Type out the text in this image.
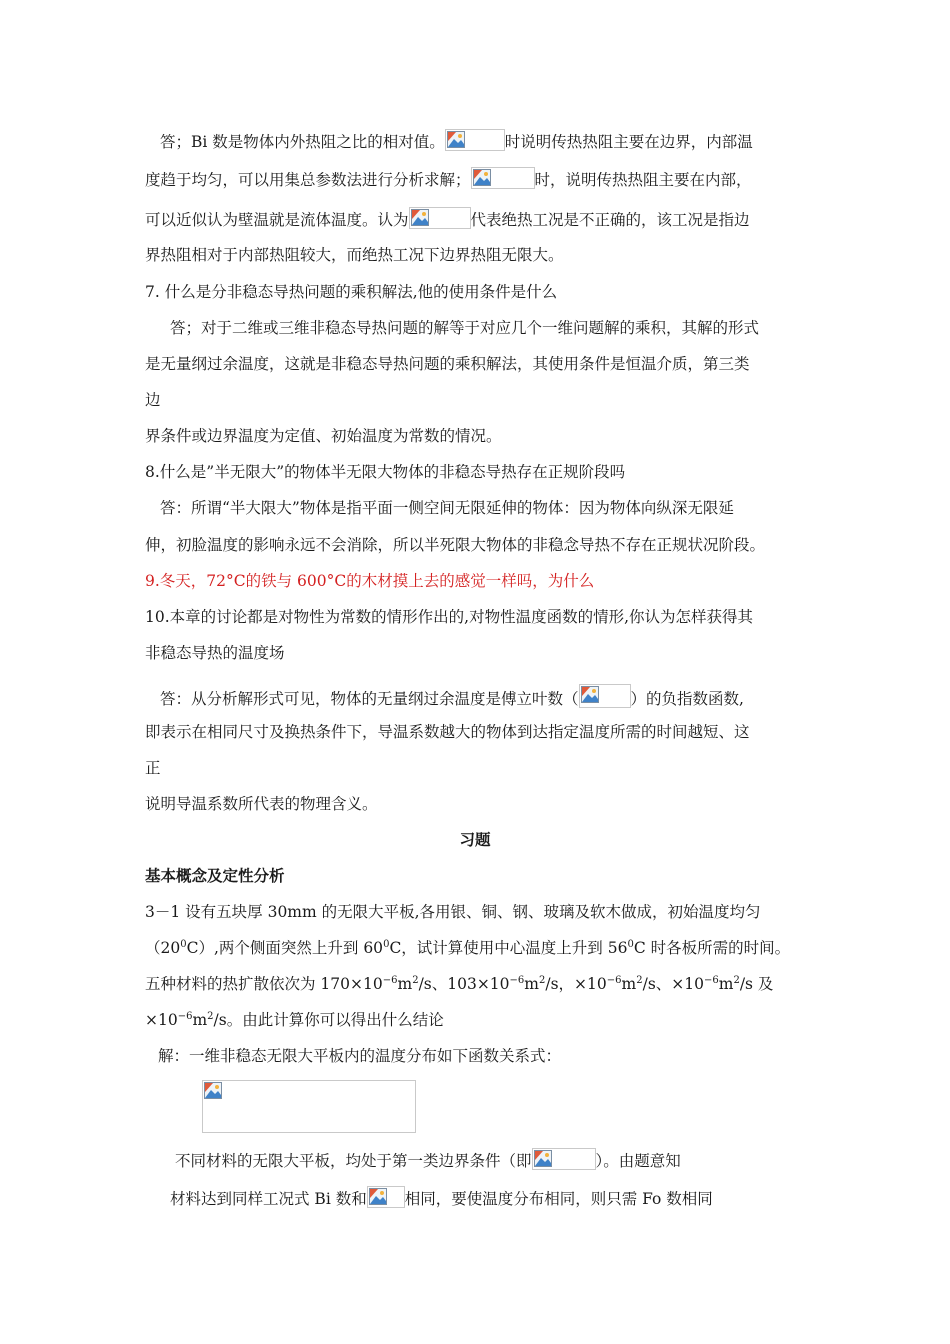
答；Bi 数是物体内外热阻之比的相对值。	时说明传热热阻主要在边界，内部温
度趋于均匀，可以用集总参数法进行分析求解；	时，说明传热热阻主要在内部，
可以近似认为壁温就是流体温度。认为	代表绝热工况是不正确的，该工况是指边
界热阻相对于内部热阻较大，而绝热工况下边界热阻无限大。
7. 什么是分非稳态导热问题的乘积解法,他的使用条件是什么
答；对于二维或三维非稳态导热问题的解等于对应几个一维问题解的乘积，其解的形式
是无量纲过余温度，这就是非稳态导热问题的乘积解法，其使用条件是恒温介质，第三类
边
界条件或边界温度为定值、初始温度为常数的情况。
8.什么是”半无限大”的物体半无限大物体的非稳态导热存在正规阶段吗
答：所谓“半大限大”物体是指平面一侧空间无限延伸的物体：因为物体向纵深无限延
伸，初脸温度的影响永远不会消除，所以半死限大物体的非稳念导热不存在正规状况阶段。
9.冬天，72°C的铁与 600°C的木材摸上去的感觉一样吗，为什么
10.本章的讨论都是对物性为常数的情形作出的,对物性温度函数的情形,你认为怎样获得其
非稳态导热的温度场
答：从分析解形式可见，物体的无量纲过余温度是傅立叶数（	）的负指数函数,
即表示在相同尺寸及换热条件下，导温系数越大的物体到达指定温度所需的时间越短、这
正
说明导温系数所代表的物理含义。
习题
基本概念及定性分析
3－1 设有五块厚 30mm 的无限大平板,各用银、铜、钢、玻璃及软木做成，初始温度均匀
$(20^0C)$,两个侧面突然上升到 $60^0C$，试计算使用中心温度上升到 $56^0C$ 时各板所需的时间。
五种材料的热扩散依次为 $170\times 10^{-6}m^2/s$、$103\times 10^{-6}m^2/s$，$\times 10^{-6}m^2/s$、$\times 10^{-6}m^2/s$ 及
$\times 10^{-6}m^2/s$。由此计算你可以得出什么结论
解：一维非稳态无限大平板内的温度分布如下函数关系式：
不同材料的无限大平板，均处于第一类边界条件（即	）。由题意知
材料达到同样工况式 Bi 数和 相同，要使温度分布相同，则只需 Fo 数相同
